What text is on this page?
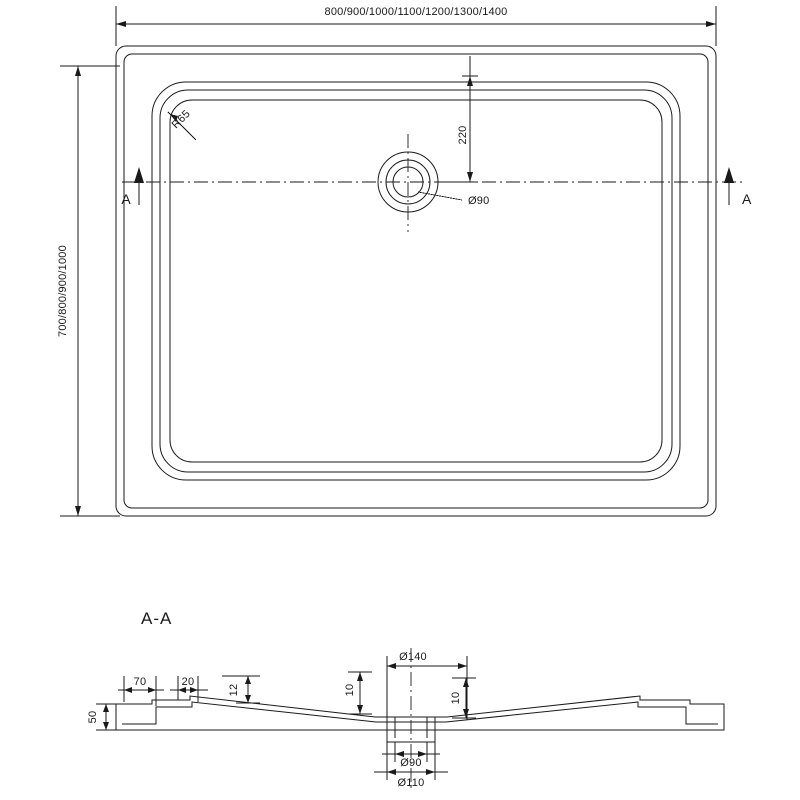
800/900/1000/1100/1200/1300/1400
700/800/900/1000
R65
220
Ø90
A	A
A-A
70	20
12	10
10
50
Ø140
Ø90
Ø110
